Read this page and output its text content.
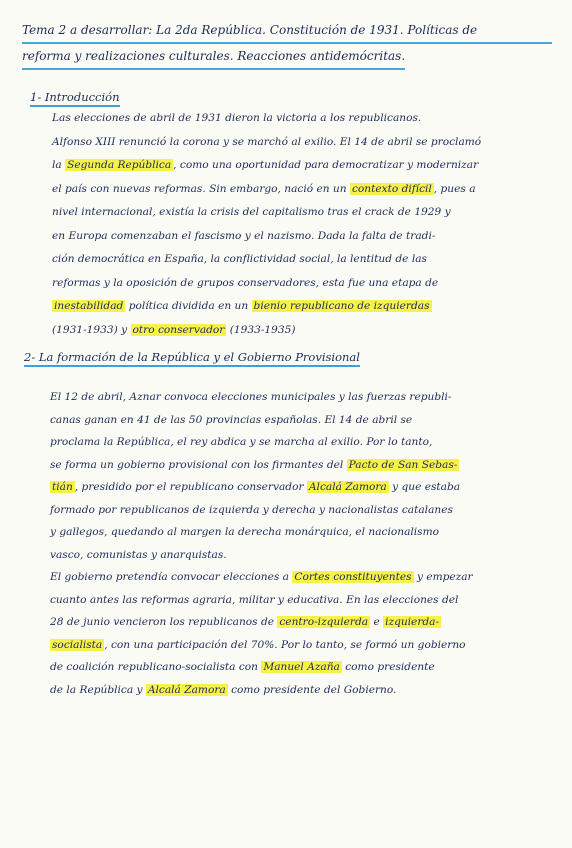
Tema 2 a desarrollar: La 2da República. Constitución de 1931. Políticas de
reforma y realizaciones culturales. Reacciones antidemócritas.
1- Introducción
Las elecciones de abril de 1931 dieron la victoria a los republicanos.
Alfonso XIII renunció la corona y se marchó al exilio. El 14 de abril se proclamó
la Segunda República , como una oportunidad para democratizar y modernizar
el país con nuevas reformas. Sin embargo, nació en un contexto difícil , pues a
nivel internacional, existía la crisis del capitalismo tras el crack de 1929 y
en Europa comenzaban el fascismo y el nazismo. Dada la falta de tradi-
ción democrática en España, la conflictividad social, la lentitud de las
reformas y la oposición de grupos conservadores, esta fue una etapa de
inestabilidad política dividida en un bienio republicano de izquierdas
(1931-1933) y otro conservador (1933-1935)
2- La formación de la República y el Gobierno Provisional
El 12 de abril, Aznar convoca elecciones municipales y las fuerzas republi-
canas ganan en 41 de las 50 provincias españolas. El 14 de abril se
proclama la República, el rey abdica y se marcha al exilio. Por lo tanto,
se forma un gobierno provisional con los firmantes del Pacto de San Sebas-
tián , presidido por el republicano conservador Alcalá Zamora y que estaba
formado por republicanos de izquierda y derecha y nacionalistas catalanes
y gallegos, quedando al margen la derecha monárquica, el nacionalismo
vasco, comunistas y anarquistas.
El gobierno pretendía convocar elecciones a Cortes constituyentes y empezar
cuanto antes las reformas agraria, militar y educativa. En las elecciones del
28 de junio vencieron los republicanos de centro-izquierda e izquierda-
socialista , con una participación del 70%. Por lo tanto, se formó un gobierno
de coalición republicano-socialista con Manuel Azaña como presidente
de la República y Alcalá Zamora como presidente del Gobierno.
